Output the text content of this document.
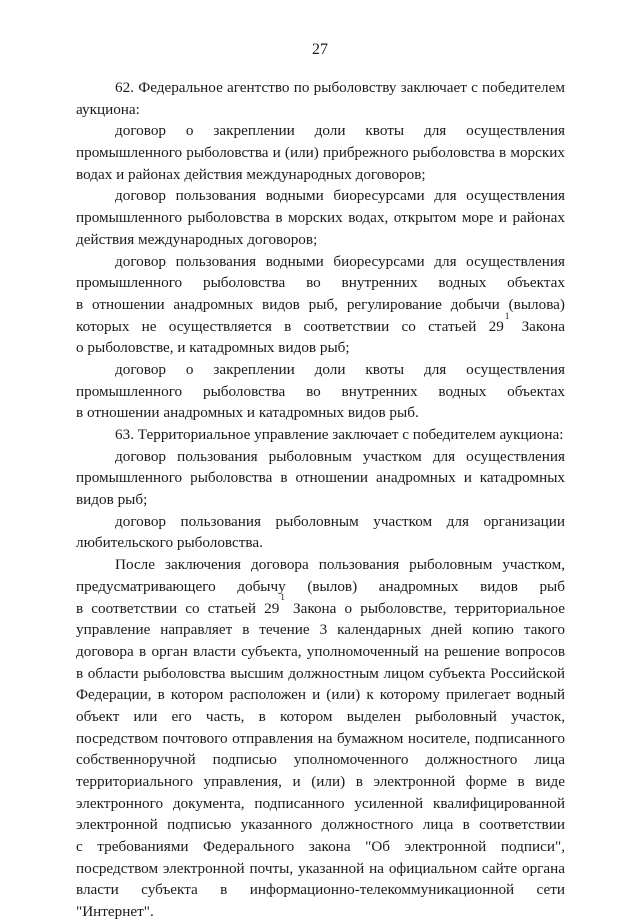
27
62. Федеральное агентство по рыболовству заключает с победителем
аукциона:
договор о закреплении доли квоты для осуществления
промышленного рыболовства и (или) прибрежного рыболовства в морских
водах и районах действия международных договоров;
договор пользования водными биоресурсами для осуществления
промышленного рыболовства в морских водах, открытом море и районах
действия международных договоров;
договор пользования водными биоресурсами для осуществления
промышленного рыболовства во внутренних водных объектах
в отношении анадромных видов рыб, регулирование добычи (вылова)
которых не осуществляется в соответствии со статьей $29^1$ Закона
о рыболовстве, и катадромных видов рыб;
договор о закреплении доли квоты для осуществления
промышленного рыболовства во внутренних водных объектах
в отношении анадромных и катадромных видов рыб.
63. Территориальное управление заключает с победителем аукциона:
договор пользования рыболовным участком для осуществления
промышленного рыболовства в отношении анадромных и катадромных
видов рыб;
договор пользования рыболовным участком для организации
любительского рыболовства.
После заключения договора пользования рыболовным участком,
предусматривающего добычу (вылов) анадромных видов рыб
в соответствии со статьей $29^1$ Закона о рыболовстве, территориальное
управление направляет в течение 3 календарных дней копию такого
договора в орган власти субъекта, уполномоченный на решение вопросов
в области рыболовства высшим должностным лицом субъекта Российской
Федерации, в котором расположен и (или) к которому прилегает водный
объект или его часть, в котором выделен рыболовный участок,
посредством почтового отправления на бумажном носителе, подписанного
собственноручной подписью уполномоченного должностного лица
территориального управления, и (или) в электронной форме в виде
электронного документа, подписанного усиленной квалифицированной
электронной подписью указанного должностного лица в соответствии
с требованиями Федерального закона "Об электронной подписи",
посредством электронной почты, указанной на официальном сайте органа
власти субъекта в информационно-телекоммуникационной сети "Интернет".
